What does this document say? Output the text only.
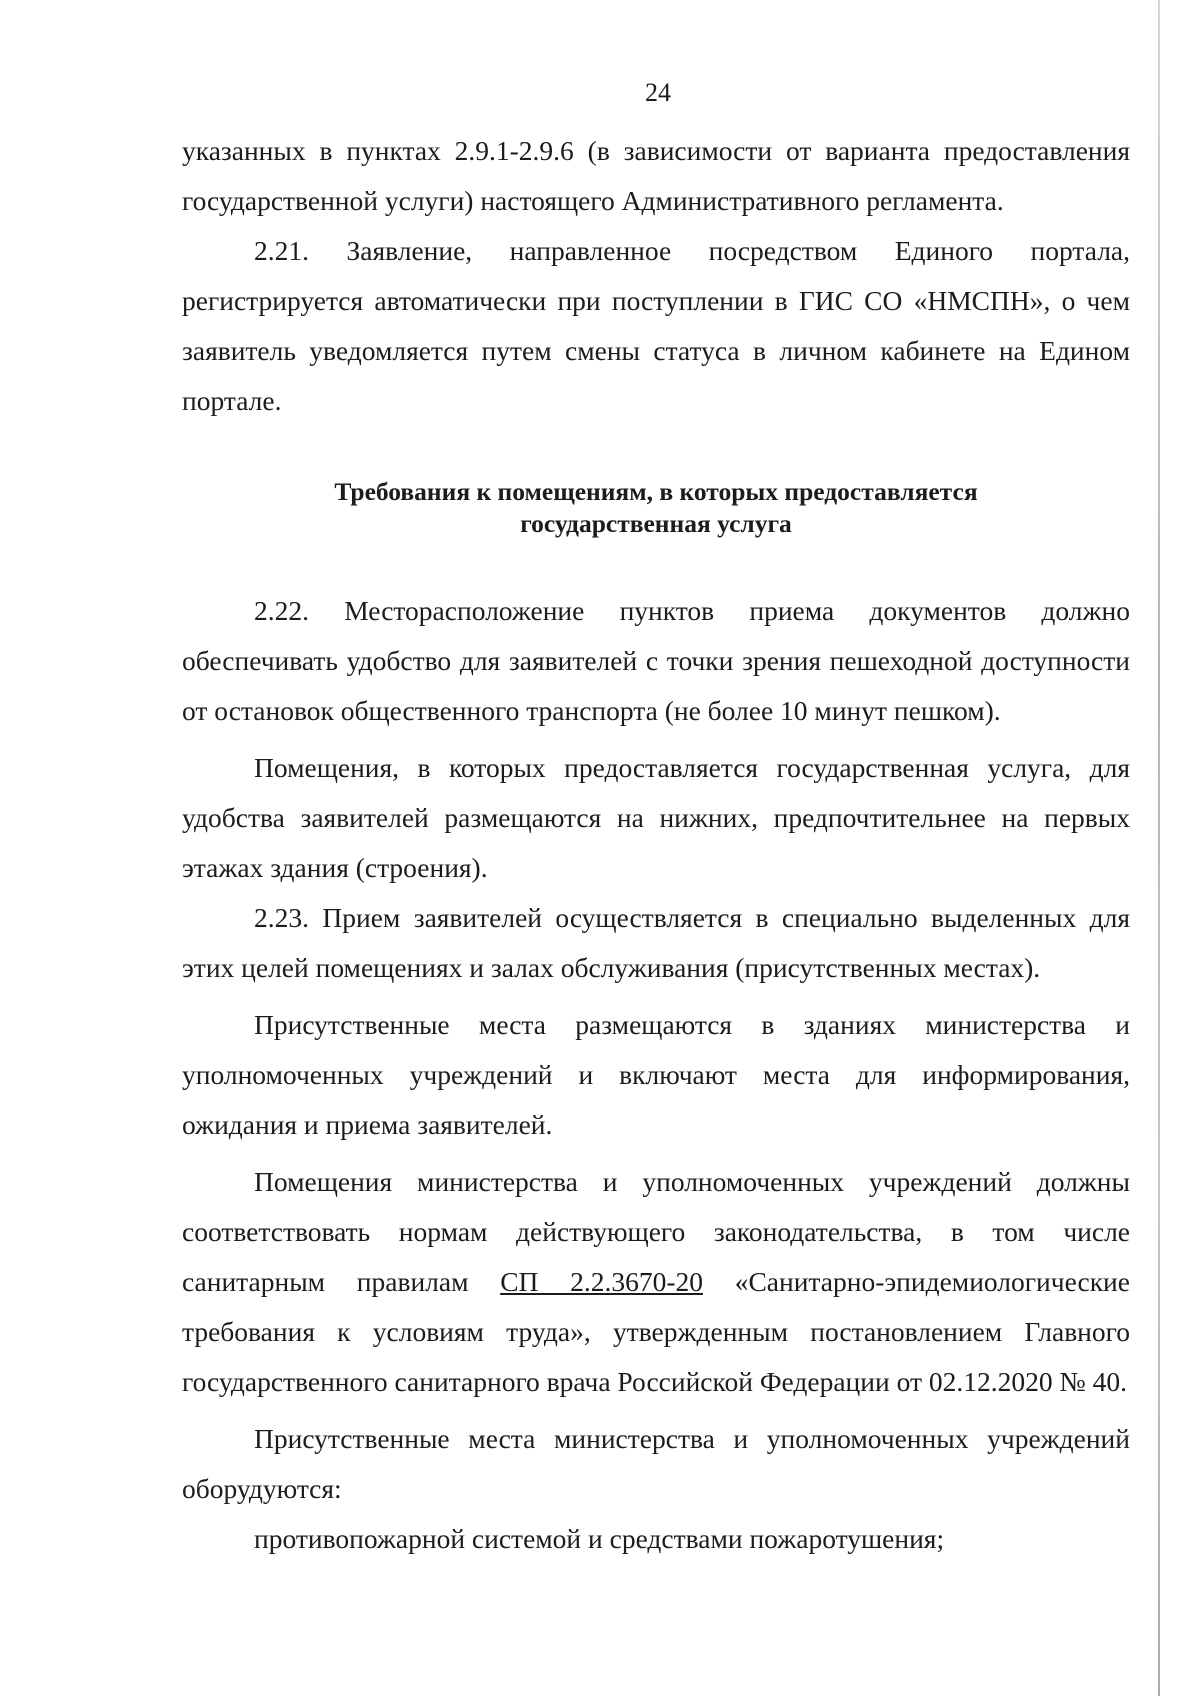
24

указанных в пунктах 2.9.1-2.9.6 (в зависимости от варианта предоставления государственной услуги) настоящего Административного регламента.

2.21. Заявление, направленное посредством Единого портала, регистрируется автоматически при поступлении в ГИС СО «НМСПН», о чем заявитель уведомляется путем смены статуса в личном кабинете на Едином портале.

Требования к помещениям, в которых предоставляется
государственная услуга

2.22. Месторасположение пунктов приема документов должно обеспечивать удобство для заявителей с точки зрения пешеходной доступности от остановок общественного транспорта (не более 10 минут пешком).

Помещения, в которых предоставляется государственная услуга, для удобства заявителей размещаются на нижних, предпочтительнее на первых этажах здания (строения).

2.23. Прием заявителей осуществляется в специально выделенных для этих целей помещениях и залах обслуживания (присутственных местах).

Присутственные места размещаются в зданиях министерства и уполномоченных учреждений и включают места для информирования, ожидания и приема заявителей.

Помещения министерства и уполномоченных учреждений должны соответствовать нормам действующего законодательства, в том числе санитарным правилам СП 2.2.3670-20 «Санитарно-эпидемиологические требования к условиям труда», утвержденным постановлением Главного государственного санитарного врача Российской Федерации от 02.12.2020 № 40.

Присутственные места министерства и уполномоченных учреждений оборудуются:

противопожарной системой и средствами пожаротушения;
